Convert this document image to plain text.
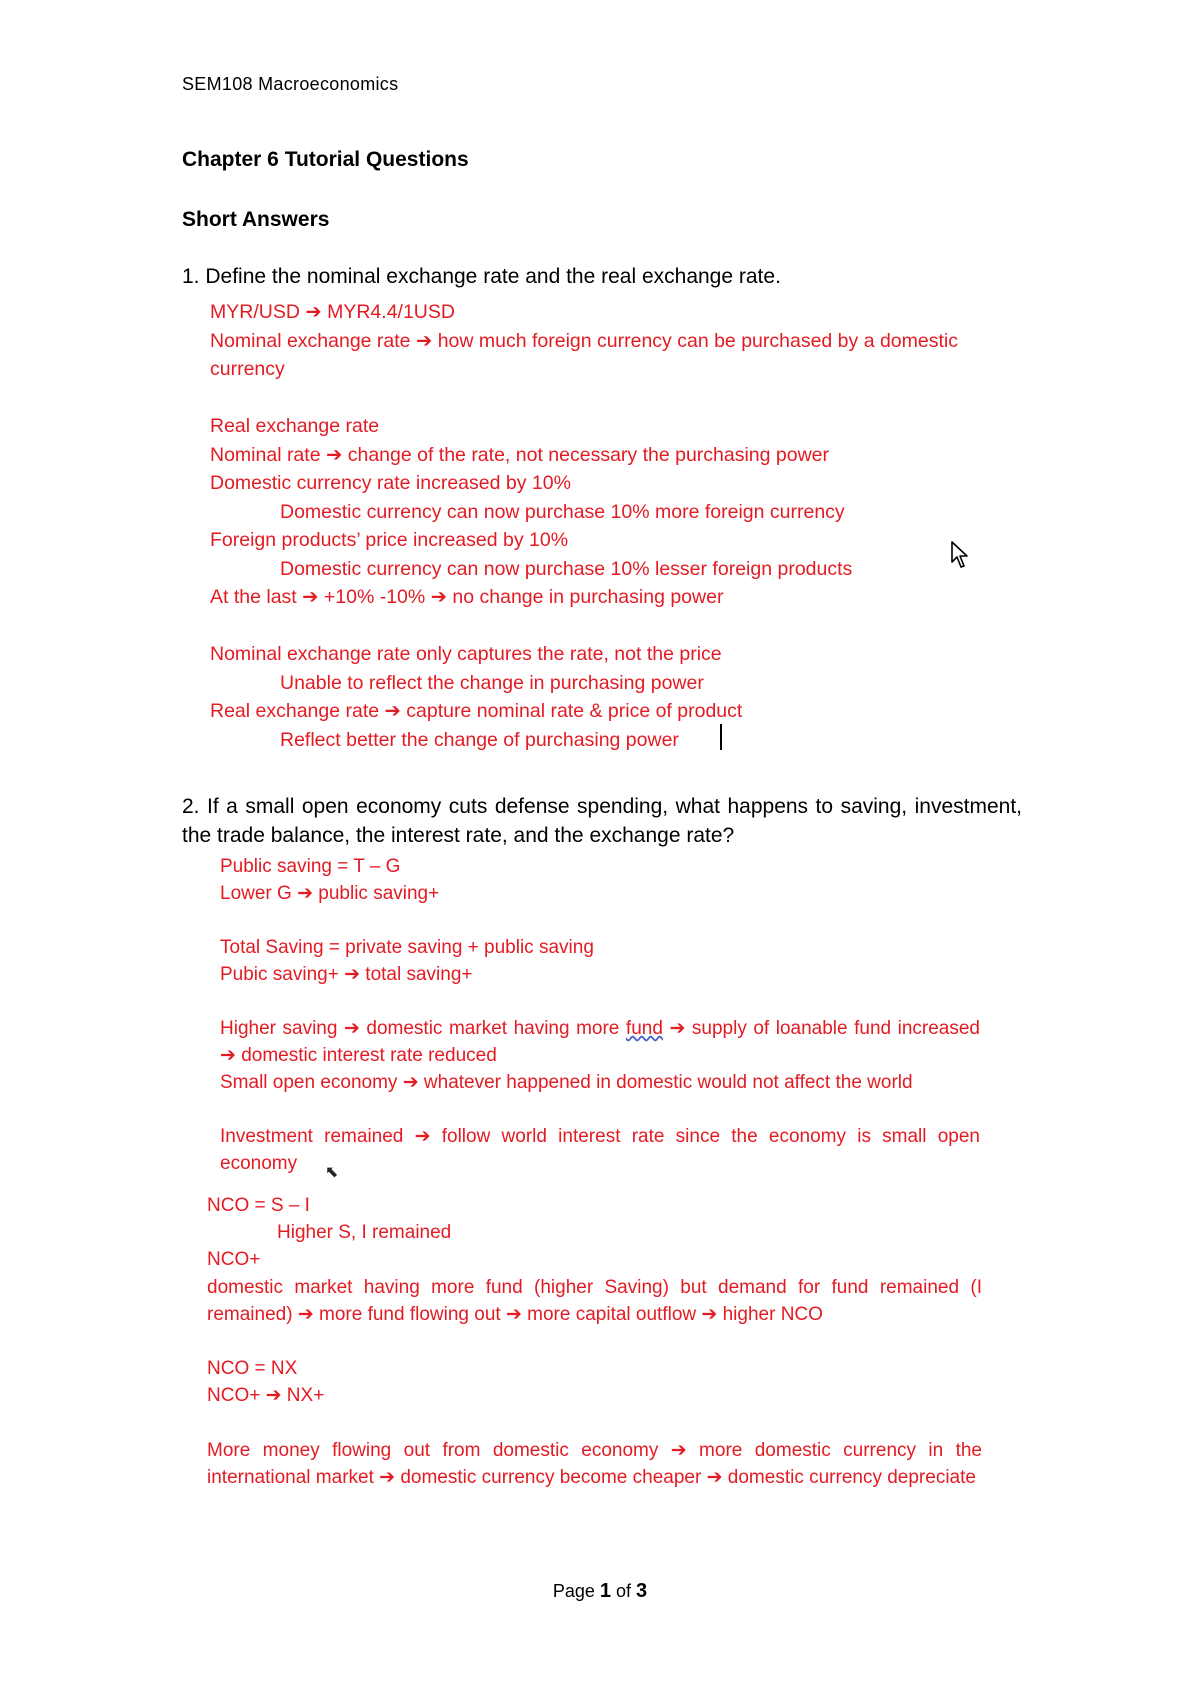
SEM108 Macroeconomics
Chapter 6 Tutorial Questions
Short Answers
1. Define the nominal exchange rate and the real exchange rate.
MYR/USD ➔ MYR4.4/1USD
Nominal exchange rate ➔ how much foreign currency can be purchased by a domestic
currency
Real exchange rate
Nominal rate ➔ change of the rate, not necessary the purchasing power
Domestic currency rate increased by 10%
Domestic currency can now purchase 10% more foreign currency
Foreign products’ price increased by 10%
Domestic currency can now purchase 10% lesser foreign products
At the last ➔ +10% -10% ➔ no change in purchasing power
Nominal exchange rate only captures the rate, not the price
Unable to reflect the change in purchasing power
Real exchange rate ➔ capture nominal rate & price of product
Reflect better the change of purchasing power
2. If a small open economy cuts defense spending, what happens to saving, investment, the trade balance, the interest rate, and the exchange rate?
Public saving = T – G
Lower G ➔ public saving+
Total Saving = private saving + public saving
Pubic saving+ ➔ total saving+
Higher saving ➔ domestic market having more fund ➔ supply of loanable fund increased ➔ domestic interest rate reduced
Small open economy ➔ whatever happened in domestic would not affect the world
Investment remained ➔ follow world interest rate since the economy is small open economy	⬉
NCO = S – I
Higher S, I remained
NCO+
domestic market having more fund (higher Saving) but demand for fund remained (I remained) ➔ more fund flowing out ➔ more capital outflow ➔ higher NCO
NCO = NX
NCO+ ➔ NX+
More money flowing out from domestic economy ➔ more domestic currency in the international market ➔ domestic currency become cheaper ➔ domestic currency depreciate
Page 1 of 3
